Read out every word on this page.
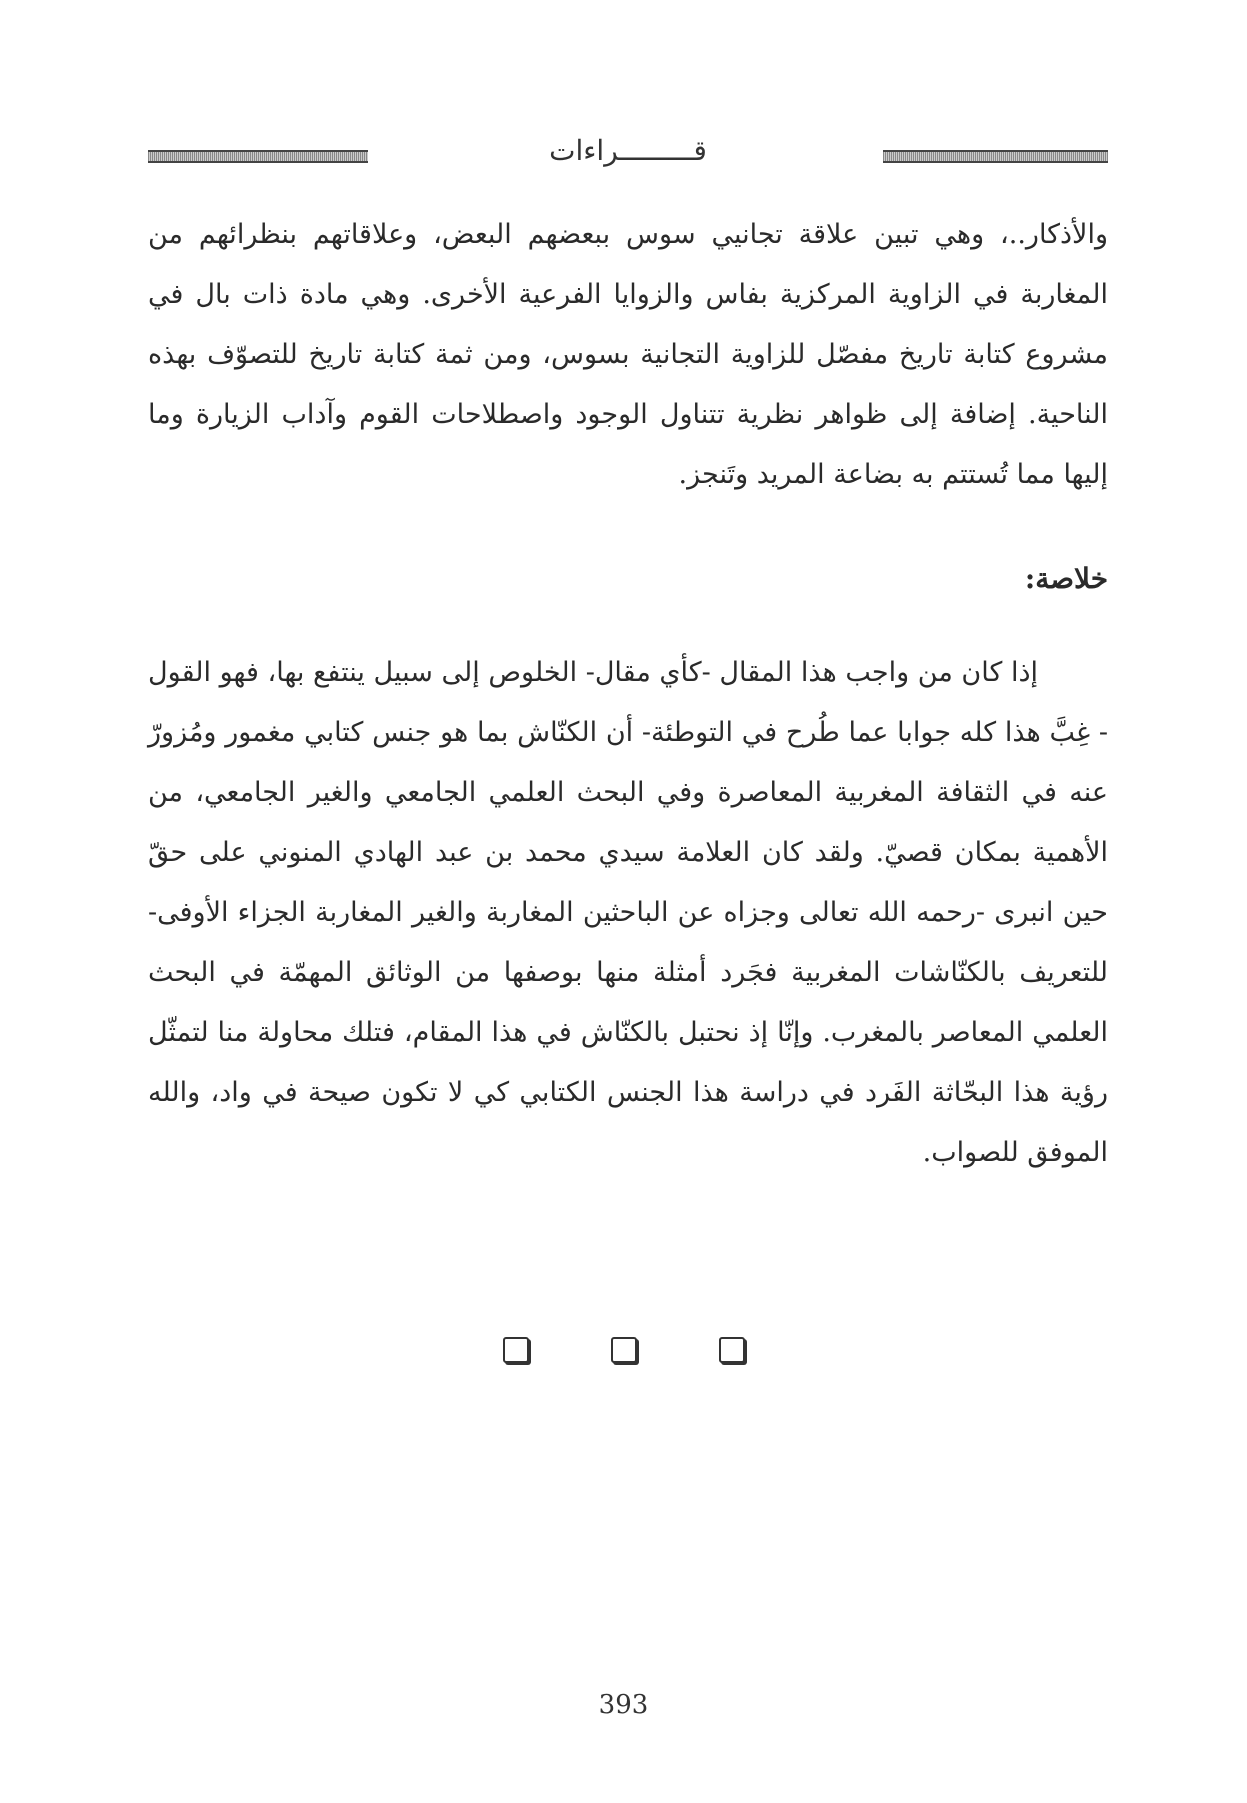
قـــــــــراءات

والأذكار..، وهي تبين علاقة تجانيي سوس ببعضهم البعض، وعلاقاتهم بنظرائهم من المغاربة في الزاوية المركزية بفاس والزوايا الفرعية الأخرى. وهي مادة ذات بال في مشروع كتابة تاريخ مفصّل للزاوية التجانية بسوس، ومن ثمة كتابة تاريخ للتصوّف بهذه الناحية. إضافة إلى ظواهر نظرية تتناول الوجود واصطلاحات القوم وآداب الزيارة وما إليها مما تُستتم به بضاعة المريد وتَنجز.

خلاصة:

إذا كان من واجب هذا المقال -كأي مقال- الخلوص إلى سبيل ينتفع بها، فهو القول - غِبَّ هذا كله جوابا عما طُرح في التوطئة- أن الكنّاش بما هو جنس كتابي مغمور ومُزورّ عنه في الثقافة المغربية المعاصرة وفي البحث العلمي الجامعي والغير الجامعي، من الأهمية بمكان قصيّ. ولقد كان العلامة سيدي محمد بن عبد الهادي المنوني على حقّ حين انبرى -رحمه الله تعالى وجزاه عن الباحثين المغاربة والغير المغاربة الجزاء الأوفى- للتعريف بالكنّاشات المغربية فجَرد أمثلة منها بوصفها من الوثائق المهمّة في البحث العلمي المعاصر بالمغرب. وإنّا إذ نحتبل بالكنّاش في هذا المقام، فتلك محاولة منا لتمثّل رؤية هذا البحّاثة الفَرد في دراسة هذا الجنس الكتابي كي لا تكون صيحة في واد، والله الموفق للصواب.

393
